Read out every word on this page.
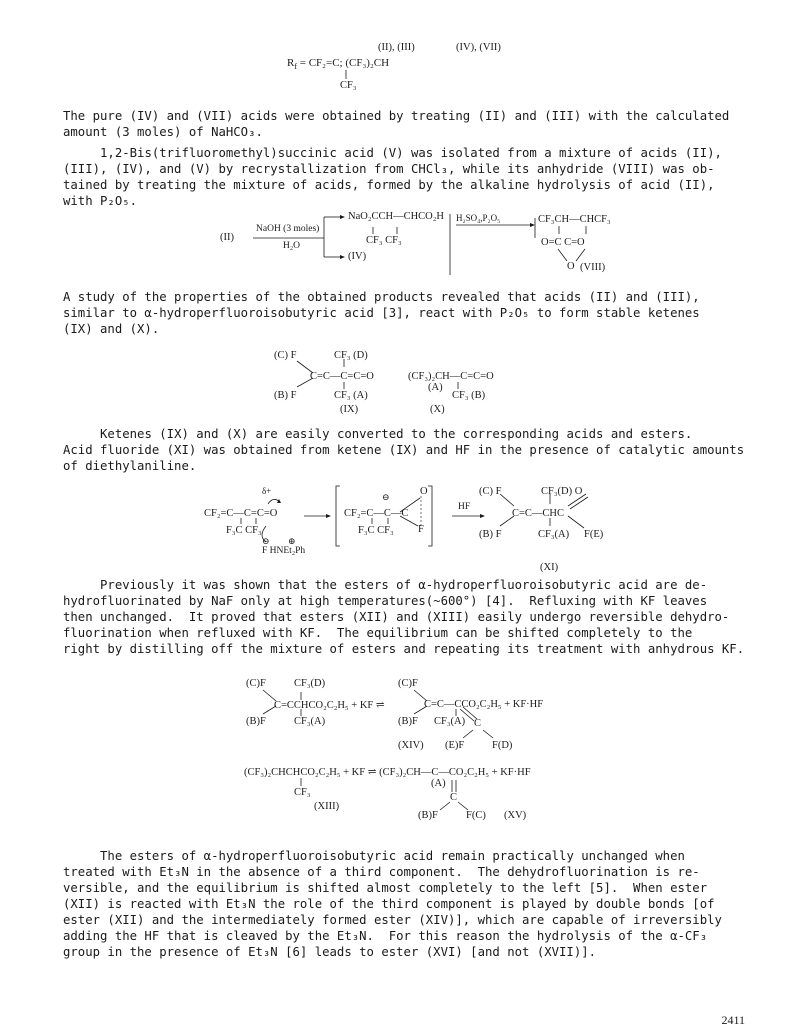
(II), (III)	(IV), (VII)
$R_f = CF_2=C$; (CF₃)₂CH
CF₃

The pure (IV) and (VII) acids were obtained by treating (II) and (III) with the calculated
amount (3 moles) of NaHCO₃.

1,2-Bis(trifluoromethyl)succinic acid (V) was isolated from a mixture of acids (II),
(III), (IV), and (V) by recrystallization from CHCl₃, while its anhydride (VIII) was ob-
tained by treating the mixture of acids, formed by the alkaline hydrolysis of acid (II),
with P₂O₅.

(II)
NaOH (3 moles)
H₂O
NaO₂CCH—CHCO₂H
CF₃ CF₃
(IV)
H₂SO₄,P₂O₅	CF₃CH—CHCF₃
O=C C=O
O (VIII)

A study of the properties of the obtained products revealed that acids (II) and (III),
similar to α-hydroperfluoroisobutyric acid [3], react with P₂O₅ to form stable ketenes
(IX) and (X).

(C) F	CF₃ (D)
C=C—C=C=O
(B) F	CF₃ (A)
(IX)
(CF₃)₂CH—C=C=O
(A)
CF₃ (B)
(X)

Ketenes (IX) and (X) are easily converted to the corresponding acids and esters.
Acid fluoride (XI) was obtained from ketene (IX) and HF in the presence of catalytic amounts
of diethylaniline.

δ+
CF₂=C—C=C=O
F₃C CF₃
⊖ ⊕
F HNEt₂Ph
⊖
CF₂=C—C—C
O
F
F₃C CF₃
HF
(C) F	CF₃(D) O
C=C—CHC
(B) F	CF₃(A) F(E)
(XI)

Previously it was shown that the esters of α-hydroperfluoroisobutyric acid are de-
hydrofluorinated by NaF only at high temperatures(~600°) [4].  Refluxing with KF leaves
then unchanged.  It proved that esters (XII) and (XIII) easily undergo reversible dehydro-
fluorination when refluxed with KF.  The equilibrium can be shifted completely to the
right by distilling off the mixture of esters and repeating its treatment with anhydrous KF.

(C)F	CF₃(D)
C=CCHCO₂C₂H₅ + KF ⇌
(B)F	CF₃(A)
(C)F
C=C—CCO₂C₂H₅ + KF·HF
(B)F CF₃(A) C
(XIV) (E)F	F(D)
(CF₃)₂CHCHCO₂C₂H₅ + KF ⇌ (CF₃)₂CH—C—CO₂C₂H₅ + KF·HF
CF₃
(A)
C
(XIII)
(B)F	F(C) (XV)

The esters of α-hydroperfluoroisobutyric acid remain practically unchanged when
treated with Et₃N in the absence of a third component.  The dehydrofluorination is re-
versible, and the equilibrium is shifted almost completely to the left [5].  When ester
(XII) is reacted with Et₃N the role of the third component is played by double bonds [of
ester (XII) and the intermediately formed ester (XIV)], which are capable of irreversibly
adding the HF that is cleaved by the Et₃N.  For this reason the hydrolysis of the α-CF₃
group in the presence of Et₃N [6] leads to ester (XVI) [and not (XVII)].

2411
